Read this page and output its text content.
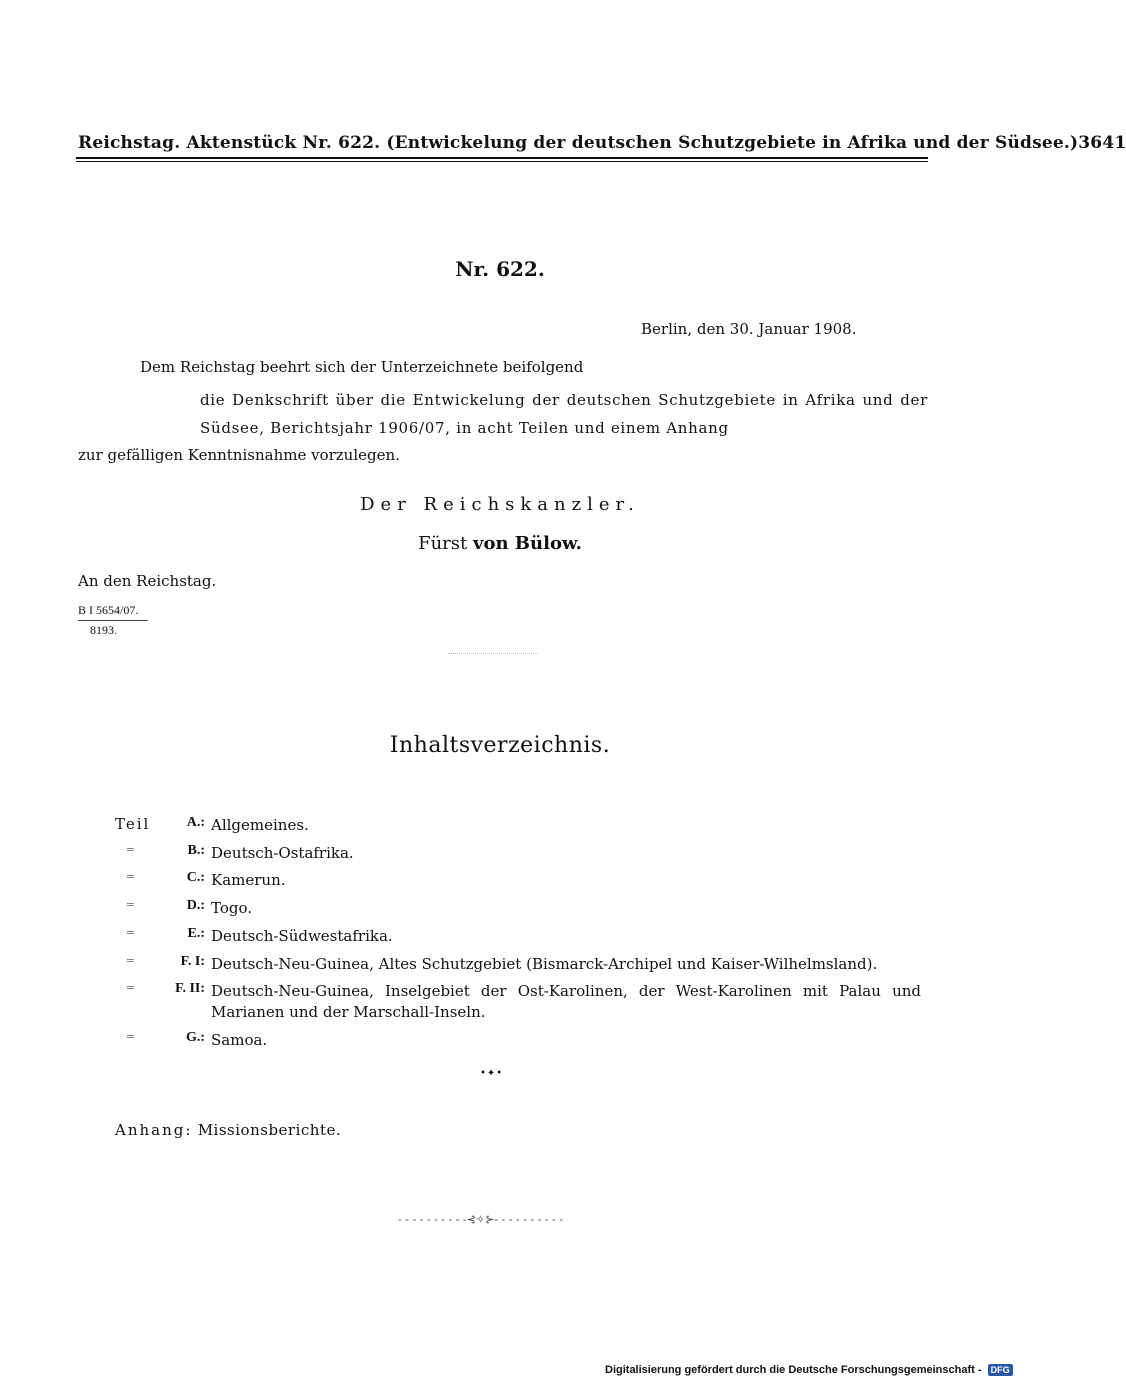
Reichstag. Aktenstück Nr. 622. (Entwickelung der deutschen Schutzgebiete in Afrika und der Südsee.) 3641
Nr. 622.
Berlin, den 30. Januar 1908.
Dem Reichstag beehrt sich der Unterzeichnete beifolgend
die Denkschrift über die Entwickelung der deutschen Schutzgebiete in Afrika und der Südsee, Berichtsjahr 1906/07, in acht Teilen und einem Anhang
zur gefälligen Kenntnisnahme vorzulegen.
Der Reichskanzler.
Fürst von Bülow.
An den Reichstag.
B I 5654/07.
8193.
Inhaltsverzeichnis.
Teil	A.: Allgemeines.
=	B.: Deutsch-Ostafrika.
=	C.: Kamerun.
=	D.: Togo.
=	E.: Deutsch-Südwestafrika.
=	F. I: Deutsch-Neu-Guinea, Altes Schutzgebiet (Bismarck-Archipel und Kaiser-Wilhelmsland).
=	F. II: Deutsch-Neu-Guinea, Inselgebiet der Ost-Karolinen, der West-Karolinen mit Palau und Marianen und der Marschall-Inseln.
=	G.: Samoa.
•✦•
Anhang: Missionsberichte.
- - - - - - - - - -⊰✧⊱- - - - - - - - - -
Digitalisierung gefördert durch die Deutsche Forschungsgemeinschaft - DFG
